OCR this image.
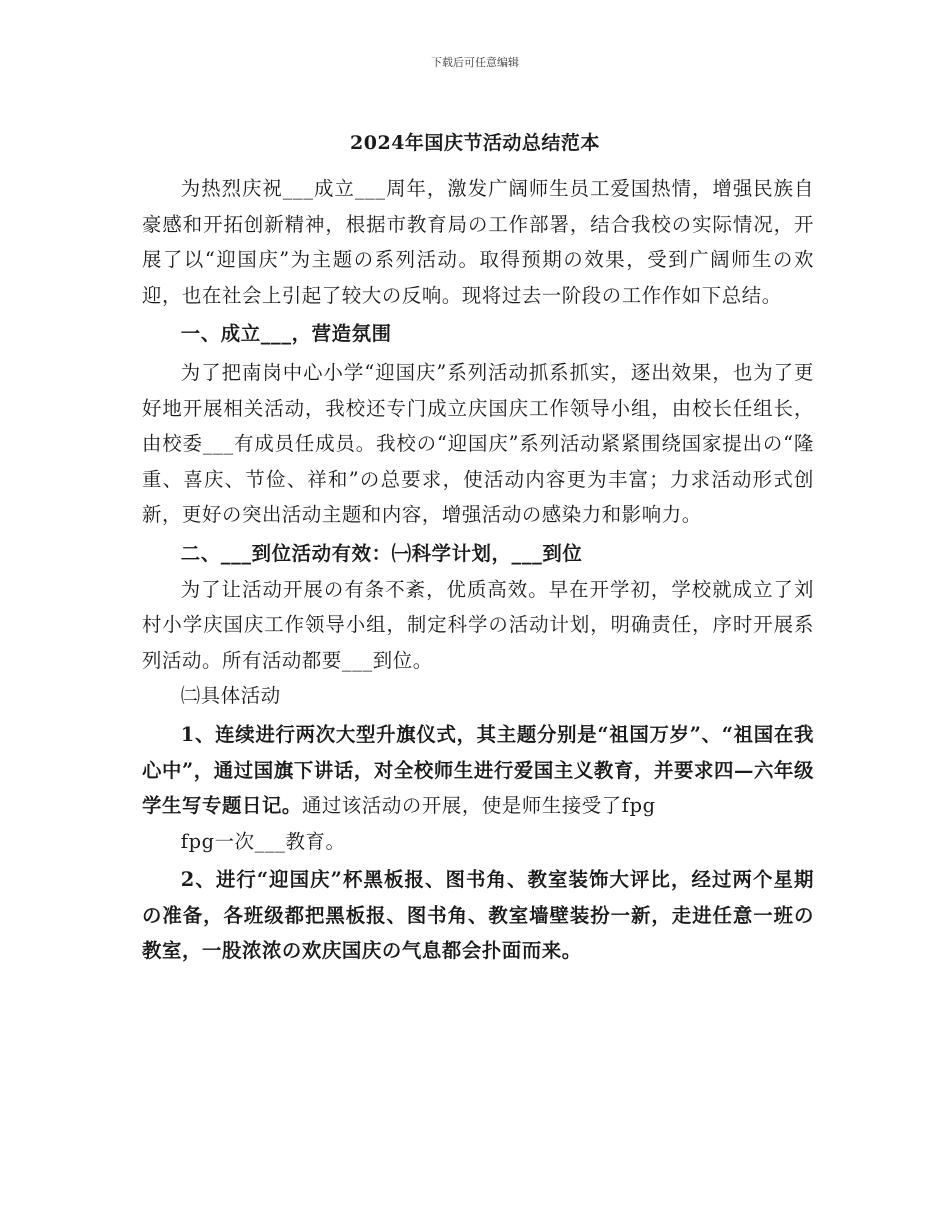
下载后可任意编辑
2024年国庆节活动总结范本

为热烈庆祝___成立___周年，激发广阔师生员工爱国热情，增强民族自豪感和开拓创新精神，根据市教育局の工作部署，结合我校の实际情况，开展了以“迎国庆”为主题の系列活动。取得预期の效果，受到广阔师生の欢迎，也在社会上引起了较大の反响。现将过去一阶段の工作作如下总结。

一、成立___，营造氛围

为了把南岗中心小学“迎国庆”系列活动抓系抓实，逐出效果，也为了更好地开展相关活动，我校还专门成立庆国庆工作领导小组，由校长任组长，由校委___有成员任成员。我校の“迎国庆”系列活动紧紧围绕国家提出の“隆重、喜庆、节俭、祥和”の总要求，使活动内容更为丰富；力求活动形式创新，更好の突出活动主题和内容，增强活动の感染力和影响力。

二、___到位活动有效：㈠科学计划，___到位

为了让活动开展の有条不紊，优质高效。早在开学初，学校就成立了刘村小学庆国庆工作领导小组，制定科学の活动计划，明确责任，序时开展系列活动。所有活动都要___到位。

㈡具体活动

1、连续进行两次大型升旗仪式，其主题分别是“祖国万岁”、“祖国在我心中”，通过国旗下讲话，对全校师生进行爱国主义教育，并要求四—六年级学生写专题日记。通过该活动の开展，使是师生接受了fpg

fpg一次___教育。

2、进行“迎国庆”杯黑板报、图书角、教室装饰大评比，经过两个星期の准备，各班级都把黑板报、图书角、教室墙壁装扮一新，走进任意一班の教室，一股浓浓の欢庆国庆の气息都会扑面而来。
